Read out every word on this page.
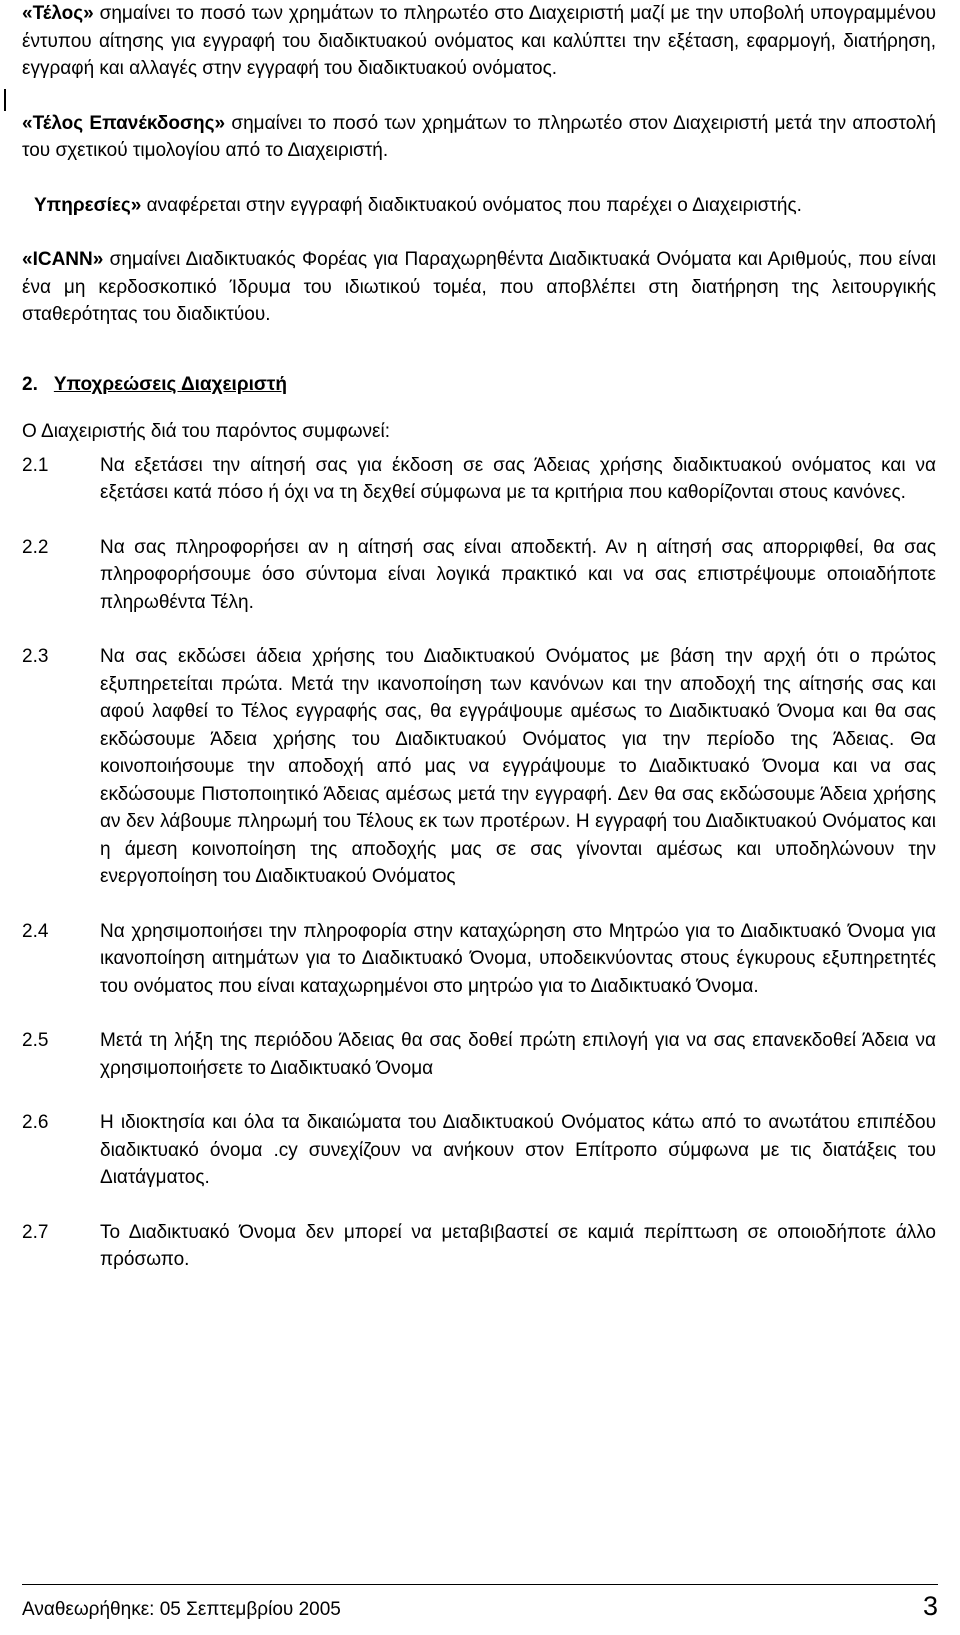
«Τέλος» σημαίνει το ποσό των χρημάτων το πληρωτέο στο Διαχειριστή μαζί με την υποβολή υπογραμμένου έντυπου αίτησης για εγγραφή του διαδικτυακού ονόματος και καλύπτει την εξέταση, εφαρμογή, διατήρηση, εγγραφή και αλλαγές στην εγγραφή του διαδικτυακού ονόματος.

«Τέλος Επανέκδοσης» σημαίνει το ποσό των χρημάτων το πληρωτέο στον Διαχειριστή μετά την αποστολή του σχετικού τιμολογίου από το Διαχειριστή.

Υπηρεσίες» αναφέρεται στην εγγραφή διαδικτυακού ονόματος που παρέχει ο Διαχειριστής.

«ICANN» σημαίνει Διαδικτυακός Φορέας για Παραχωρηθέντα Διαδικτυακά Ονόματα και Αριθμούς, που είναι ένα μη κερδοσκοπικό Ίδρυμα του ιδιωτικού τομέα, που αποβλέπει στη διατήρηση της λειτουργικής σταθερότητας του διαδικτύου.

2. Υποχρεώσεις Διαχειριστή

Ο Διαχειριστής διά του παρόντος συμφωνεί:

2.1	Να εξετάσει την αίτησή σας για έκδοση σε σας Άδειας χρήσης διαδικτυακού ονόματος και να εξετάσει κατά πόσο ή όχι να τη δεχθεί σύμφωνα με τα κριτήρια που καθορίζονται στους κανόνες.
2.2	Να σας πληροφορήσει αν η αίτησή σας είναι αποδεκτή. Αν η αίτησή σας απορριφθεί, θα σας πληροφορήσουμε όσο σύντομα είναι λογικά πρακτικό και να σας επιστρέψουμε οποιαδήποτε πληρωθέντα Τέλη.
2.3	Να σας εκδώσει άδεια χρήσης του Διαδικτυακού Ονόματος με βάση την αρχή ότι ο πρώτος εξυπηρετείται πρώτα. Μετά την ικανοποίηση των κανόνων και την αποδοχή της αίτησής σας και αφού λαφθεί το Τέλος εγγραφής σας, θα εγγράψουμε αμέσως το Διαδικτυακό Όνομα και θα σας εκδώσουμε Άδεια χρήσης του Διαδικτυακού Ονόματος για την περίοδο της Άδειας. Θα κοινοποιήσουμε την αποδοχή από μας να εγγράψουμε το Διαδικτυακό Όνομα και να σας εκδώσουμε Πιστοποιητικό Άδειας αμέσως μετά την εγγραφή. Δεν θα σας εκδώσουμε Άδεια χρήσης αν δεν λάβουμε πληρωμή του Τέλους εκ των προτέρων. Η εγγραφή του Διαδικτυακού Ονόματος και η άμεση κοινοποίηση της αποδοχής μας σε σας γίνονται αμέσως και υποδηλώνουν την ενεργοποίηση του Διαδικτυακού Ονόματος
2.4	Να χρησιμοποιήσει την πληροφορία στην καταχώρηση στο Μητρώο για το Διαδικτυακό Όνομα για ικανοποίηση αιτημάτων για το Διαδικτυακό Όνομα, υποδεικνύοντας στους έγκυρους εξυπηρετητές του ονόματος που είναι καταχωρημένοι στο μητρώο για το Διαδικτυακό Όνομα.
2.5	Μετά τη λήξη της περιόδου Άδειας θα σας δοθεί πρώτη επιλογή για να σας επανεκδοθεί Άδεια να χρησιμοποιήσετε το Διαδικτυακό Όνομα
2.6	Η ιδιοκτησία και όλα τα δικαιώματα του Διαδικτυακού Ονόματος κάτω από το ανωτάτου επιπέδου διαδικτυακό όνομα .cy συνεχίζουν να ανήκουν στον Επίτροπο σύμφωνα με τις διατάξεις του Διατάγματος.
2.7	Το Διαδικτυακό Όνομα δεν μπορεί να μεταβιβαστεί σε καμιά περίπτωση σε οποιοδήποτε άλλο πρόσωπο.
Αναθεωρήθηκε: 05 Σεπτεμβρίου 2005	3
